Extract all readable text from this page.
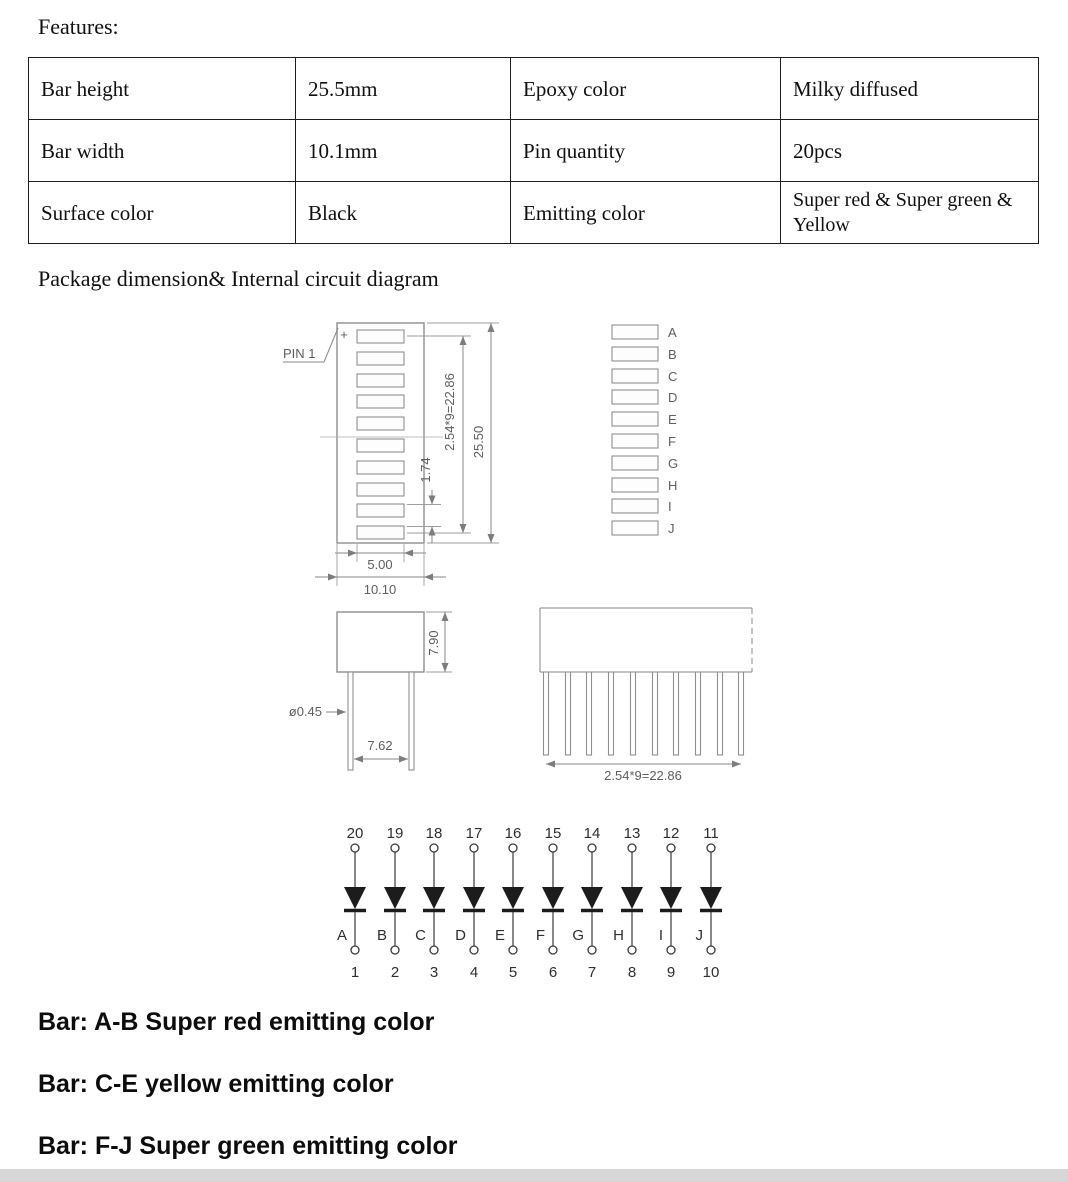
Features:
Bar height	25.5mm	Epoxy color	Milky diffused
Bar width	10.1mm	Pin quantity	20pcs
Surface color	Black	Emitting color	Super red & Super green & Yellow
Package dimension& Internal circuit diagram
+
PIN 1
2.54*9=22.86 25.50
1.74
5.00
10.10
A
B
C
D
E
F
G
H
I
J
7.90
ø0.45
7.62
2.54*9=22.86
20
A
1
19
B
2
18
C
3
17
D
4
16
E
5
15
F
6
14
G
7
13
H
8
12
I
9
11
J
10
Bar: A-B Super red emitting color
Bar: C-E yellow emitting color
Bar: F-J Super green emitting color
